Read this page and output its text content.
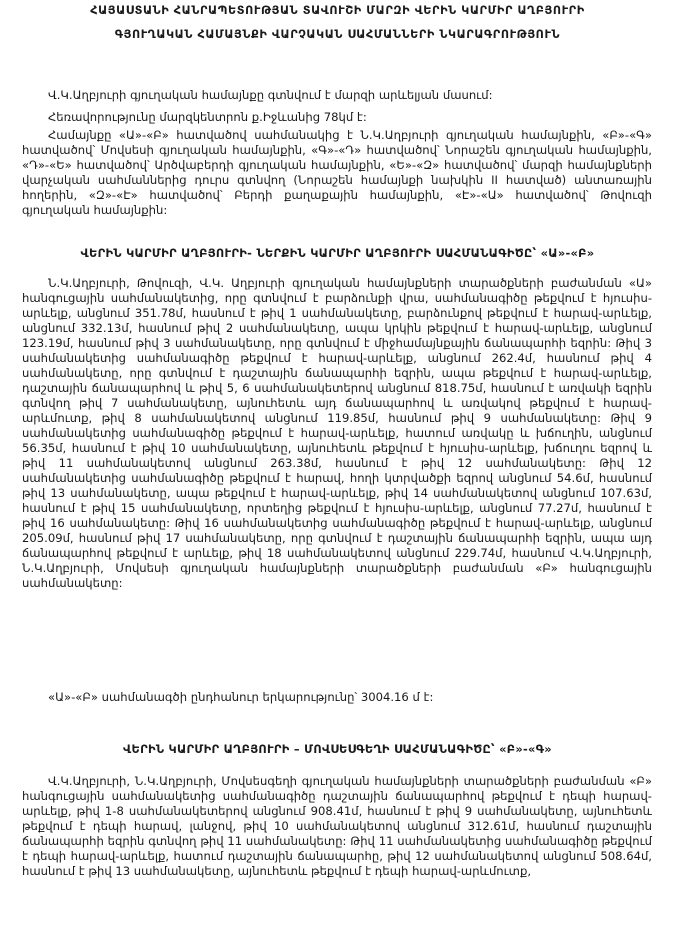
ՀԱՅԱՍՏԱՆԻ ՀԱՆՐԱՊԵՏՈՒԹՅԱՆ ՏԱՎՈՒՇԻ ՄԱՐԶԻ ՎԵՐԻՆ ԿԱՐՄԻՐ ԱՂԲՅՈՒՐԻ
ԳՅՈՒՂԱԿԱՆ ՀԱՄԱՅՆՔԻ ՎԱՐՉԱԿԱՆ ՍԱՀՄԱՆՆԵՐԻ ՆԿԱՐԱԳՐՈՒԹՅՈՒՆ

Վ.Կ.Աղբյուրի գյուղական համայնքը գտնվում է մարզի արևելյան մասում:

Հեռավորությունը մարզկենտրոն ք.Իջևանից 78կմ է:

Համայնքը «Ա»-«Բ» հատվածով սահմանակից է Ն.Կ.Աղբյուրի գյուղական համայնքին, «Բ»-«Գ» հատվածով՝ Մովսեսի գյուղական համայնքին, «Գ»-«Դ» հատվածով՝ Նորաշեն գյուղական համայնքին, «Դ»-«Ե» հատվածով՝ Արծվաբերդի գյուղական համայնքին, «Ե»-«Զ» հատվածով՝ մարզի համայնքների վարչական սահմաններից դուրս գտնվող (Նորաշեն համայնքի նախկին II հատված) անտառային հողերին, «Զ»-«Է» հատվածով՝ Բերդի քաղաքային համայնքին, «Է»-«Ա» հատվածով՝ Թովուզի գյուղական համայնքին:

ՎԵՐԻՆ ԿԱՐՄԻՐ ԱՂԲՅՈՒՐԻ- ՆԵՐՔԻՆ ԿԱՐՄԻՐ ԱՂԲՅՈՒՐԻ ՍԱՀՄԱՆԱԳԻԾԸ՝ «Ա»-«Բ»

Ն.Կ.Աղբյուրի, Թովուզի, Վ.Կ. Աղբյուրի գյուղական համայնքների տարածքների բաժանման «Ա» հանգուցային սահմանակետից, որը գտնվում է բարձունքի վրա, սահմանագիծը թեքվում է հյուսիս-արևելք, անցնում 351.78մ, հասնում է թիվ 1 սահմանակետը, բարձունքով թեքվում է հարավ-արևելք, անցնում 332.13մ, հասնում թիվ 2 սահմանակետը, ապա կրկին թեքվում է հարավ-արևելք, անցնում 123.19մ, հասնում թիվ 3 սահմանակետը, որը գտնվում է միջհամայնքային ճանապարհի եզրին: Թիվ 3 սահմանակետից սահմանագիծը թեքվում է հարավ-արևելք, անցնում 262.4մ, հասնում թիվ 4 սահմանակետը, որը գտնվում է դաշտային ճանապարհի եզրին, ապա թեքվում է հարավ-արևելք, դաշտային ճանապարհով և թիվ 5, 6 սահմանակետերով անցնում 818.75մ, հասնում է առվակի եզրին գտնվող թիվ 7 սահմանակետը, այնուհետև այդ ճանապարհով և առվակով թեքվում է հարավ-արևմուտք, թիվ 8 սահմանակետով անցնում 119.85մ, հասնում թիվ 9 սահմանակետը: Թիվ 9 սահմանակետից սահմանագիծը թեքվում է հարավ-արևելք, հատում առվակը և խճուղին, անցնում 56.35մ, հասնում է թիվ 10 սահմանակետը, այնուհետև թեքվում է հյուսիս-արևելք, խճուղու եզրով և թիվ 11 սահմանակետով անցնում 263.38մ, հասնում է թիվ 12 սահմանակետը: Թիվ 12 սահմանակետից սահմանագիծը թեքվում է հարավ, հողի կտրվածքի եզրով անցնում 54.6մ, հասնում թիվ 13 սահմանակետը, ապա թեքվում է հարավ-արևելք, թիվ 14 սահմանակետով անցնում 107.63մ, հասնում է թիվ 15 սահմանակետը, որտեղից թեքվում է հյուսիս-արևելք, անցնում 77.27մ, հասնում է թիվ 16 սահմանակետը: Թիվ 16 սահմանակետից սահմանագիծը թեքվում է հարավ-արևելք, անցնում 205.09մ, հասնում թիվ 17 սահմանակետը, որը գտնվում է դաշտային ճանապարհի եզրին, ապա այդ ճանապարհով թեքվում է արևելք, թիվ 18 սահմանակետով անցնում 229.74մ, հասնում Վ.Կ.Աղբյուրի, Ն.Կ.Աղբյուրի, Մովսեսի գյուղական համայնքների տարածքների բաժանման «Բ» հանգուցային սահմանակետը:

«Ա»-«Բ» սահմանագծի ընդհանուր երկարությունը՝ 3004.16 մ է:

ՎԵՐԻՆ ԿԱՐՄԻՐ ԱՂԲՅՈՒՐԻ – ՄՈՎՍԵՍԳԵՂԻ ՍԱՀՄԱՆԱԳԻԾԸ՝ «Բ»-«Գ»

Վ.Կ.Աղբյուրի, Ն.Կ.Աղբյուրի, Մովսեսգեղի գյուղական համայնքների տարածքների բաժանման «Բ» հանգուցային սահմանակետից սահմանագիծը դաշտային ճանապարհով թեքվում է դեպի հարավ-արևելք, թիվ 1-8 սահմանակետերով անցնում 908.41մ, հասնում է թիվ 9 սահմանակետը, այնուհետև թեքվում է դեպի հարավ, լանջով, թիվ 10 սահմանակետով անցնում 312.61մ, հասնում դաշտային ճանապարհի եզրին գտնվող թիվ 11 սահմանակետը: Թիվ 11 սահմանակետից սահմանագիծը թեքվում է դեպի հարավ-արևելք, հատում դաշտային ճանապարհը, թիվ 12 սահմանակետով անցնում 508.64մ, հասնում է թիվ 13 սահմանակետը, այնուհետև թեքվում է դեպի հարավ-արևմուտք,
